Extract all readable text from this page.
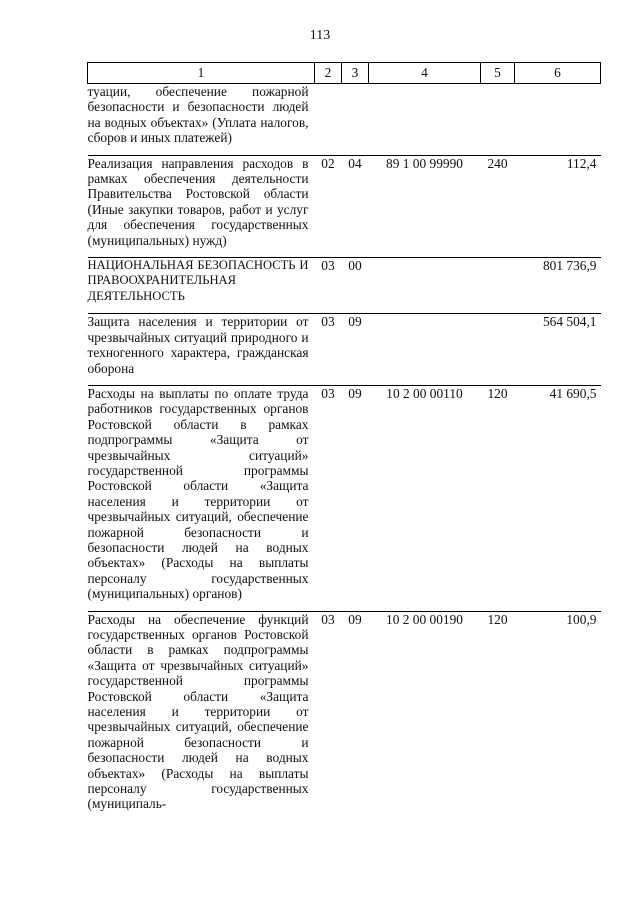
113
1	2	3	4	5	6
туации, обеспечение пожарной безопасности и безопасности людей на водных объектах» (Уплата налогов, сборов и иных платежей)					

Реализация направления расходов в рамках обеспечения деятельности Правительства Ростовской области (Иные закупки товаров, работ и услуг для обеспечения государственных (муниципальных) нужд)	02	04	89 1 00 99990	240	112,4

НАЦИОНАЛЬНАЯ БЕЗОПАСНОСТЬ И ПРАВООХРАНИТЕЛЬНАЯ ДЕЯТЕЛЬНОСТЬ	03	00			801 736,9

Защита населения и территории от чрезвычайных ситуаций природного и техногенного характера, гражданская оборона	03	09			564 504,1

Расходы на выплаты по оплате труда работников государственных органов Ростовской области в рамках подпрограммы «Защита от чрезвычайных ситуаций» государственной программы Ростовской области «Защита населения и территории от чрезвычайных ситуаций, обеспечение пожарной безопасности и безопасности людей на водных объектах» (Расходы на выплаты персоналу государственных (муниципальных) органов)	03	09	10 2 00 00110	120	41 690,5

Расходы на обеспечение функций государственных органов Ростовской области в рамках подпрограммы «Защита от чрезвычайных ситуаций» государственной программы Ростовской области «Защита населения и территории от чрезвычайных ситуаций, обеспечение пожарной безопасности и безопасности людей на водных объектах» (Расходы на выплаты персоналу государственных (муниципаль-	03	09	10 2 00 00190	120	100,9
